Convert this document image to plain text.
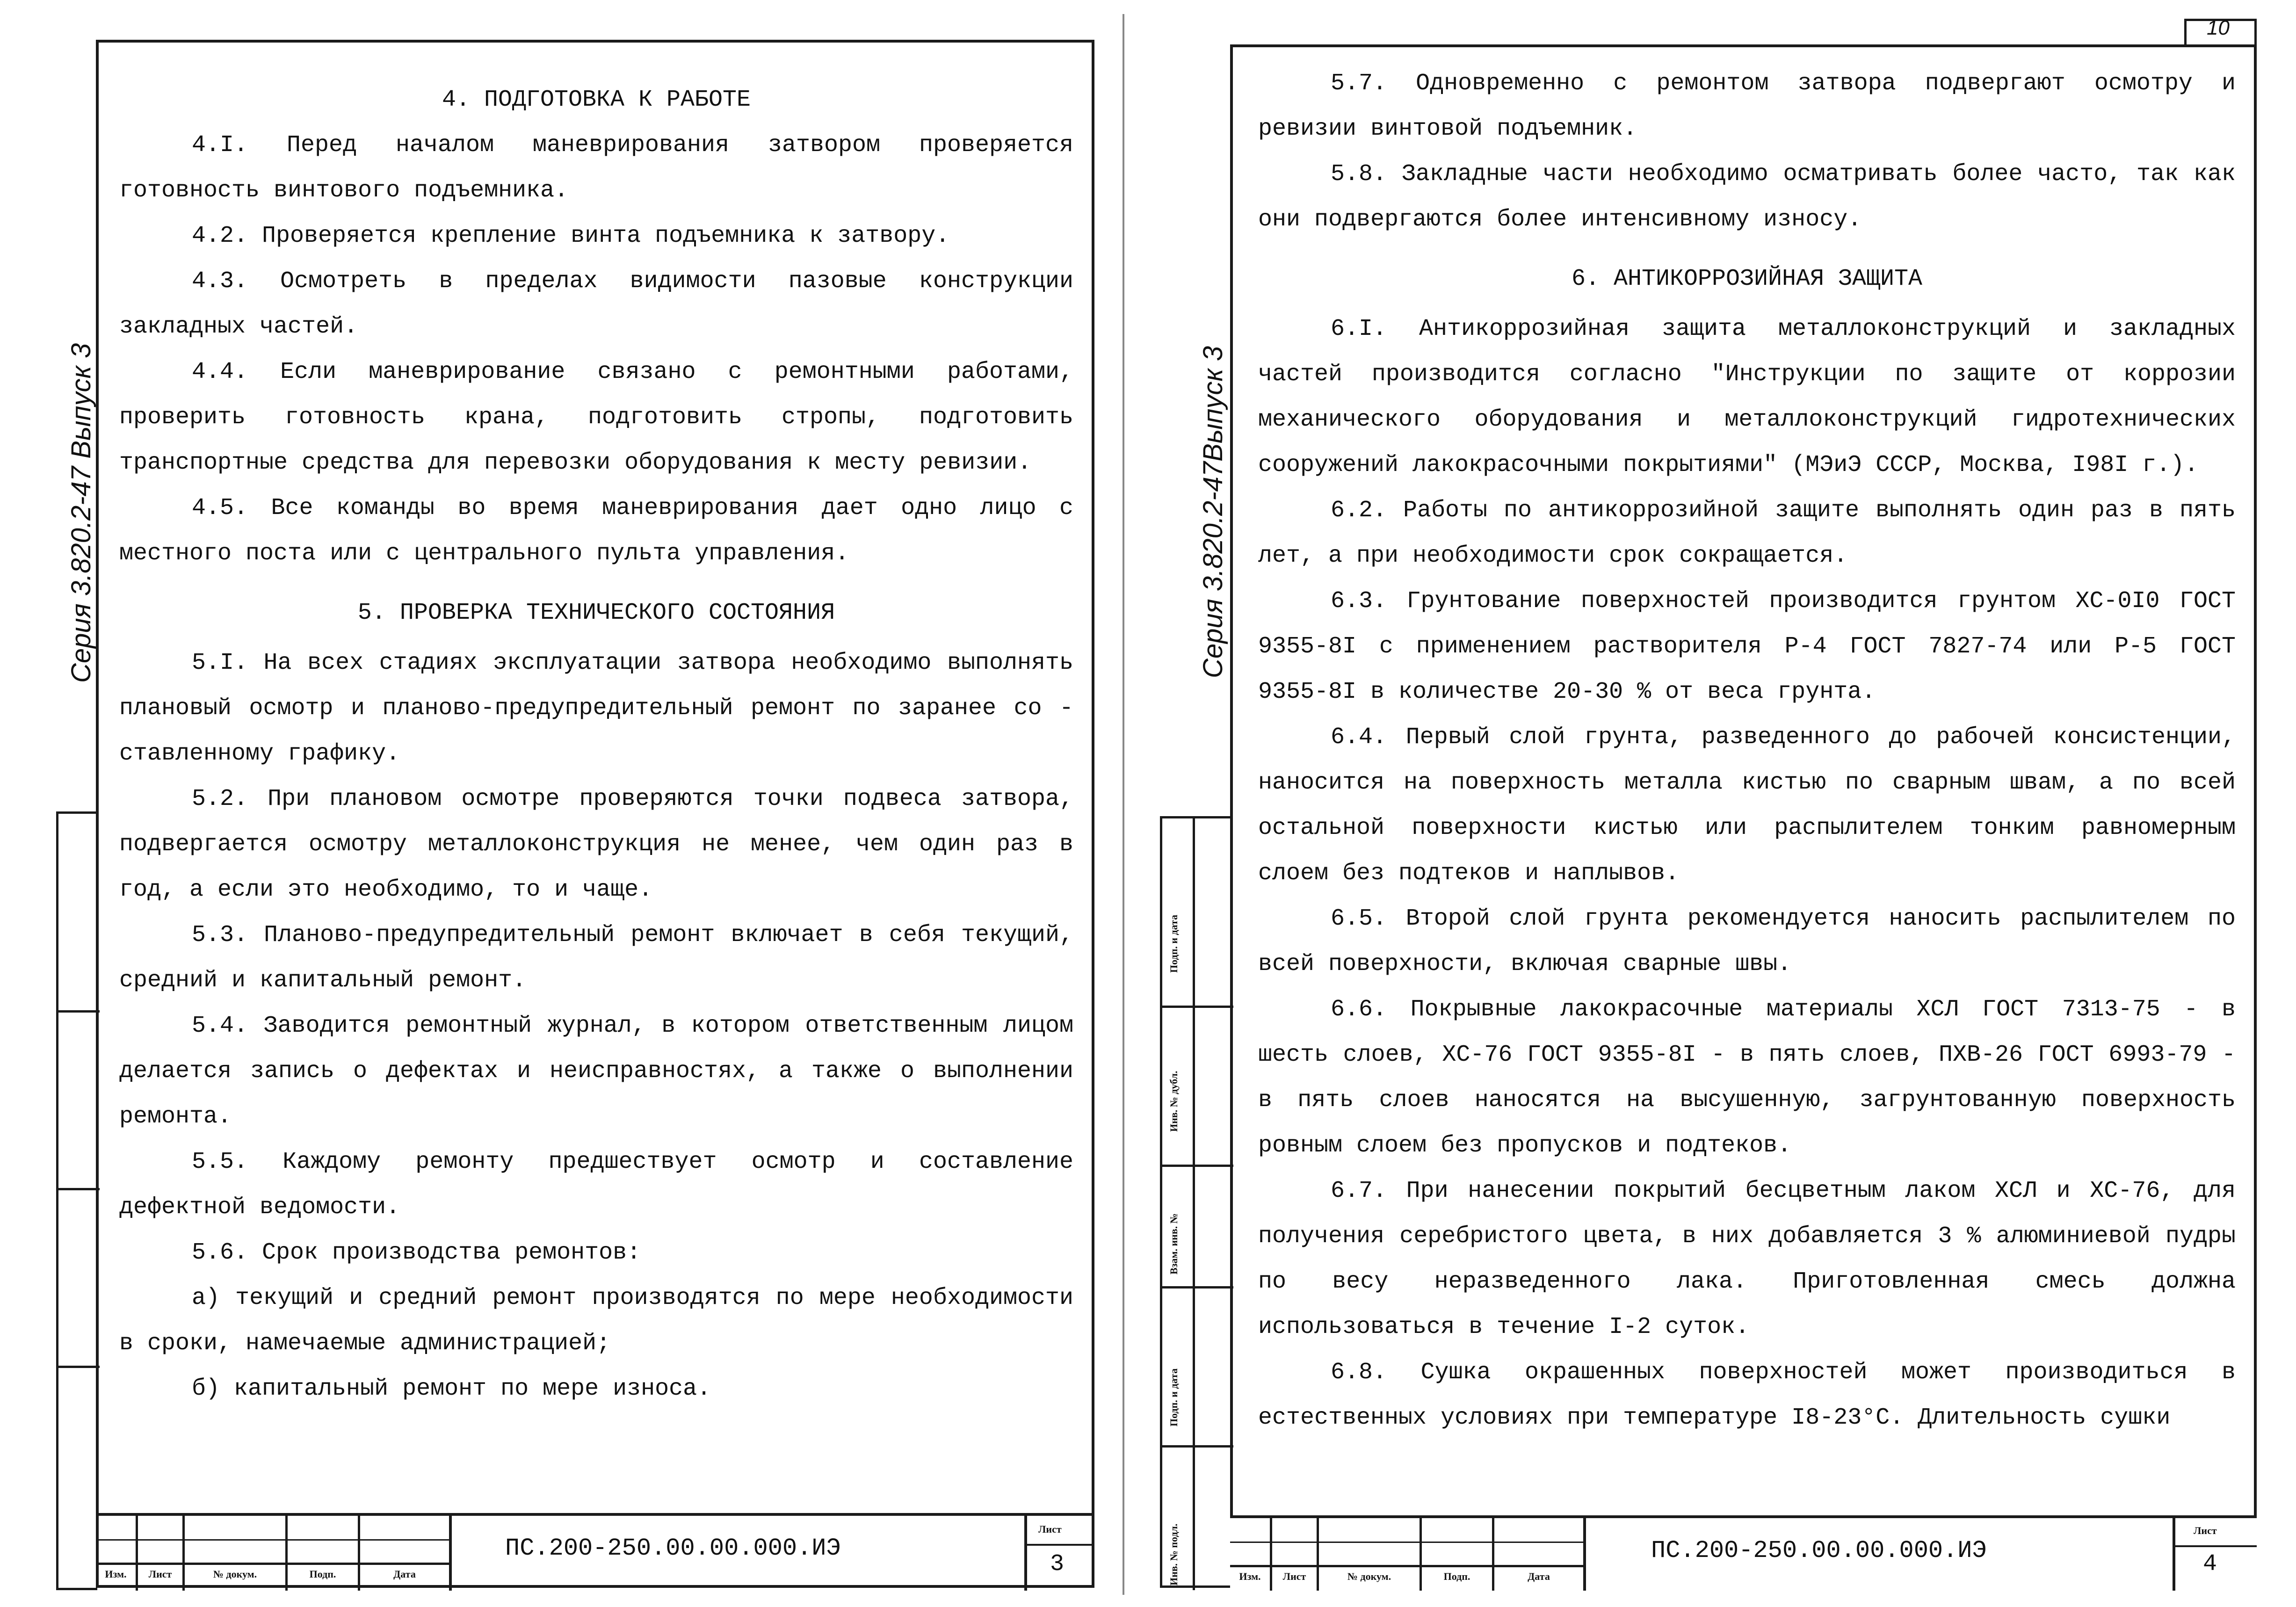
Серия 3.820.2-47 Выпуск 3

4. ПОДГОТОВКА К РАБОТЕ

4.I. Перед началом маневрирования затвором проверяется готовность винтового подъемника.

4.2. Проверяется крепление винта подъемника к затвору.

4.3. Осмотреть в пределах видимости пазовые конструкции закладных частей.

4.4. Если маневрирование связано с ремонтными работами, проверить готовность крана, подготовить стропы, подготовить транспортные средства для перевозки оборудования к месту ревизии.

4.5. Все команды во время маневрирования дает одно лицо с местного поста или с центрального пульта управления.

5. ПРОВЕРКА ТЕХНИЧЕСКОГО СОСТОЯНИЯ

5.I. На всех стадиях эксплуатации затвора необходимо выполнять плановый осмотр и планово-предупредительный ремонт по заранее со - ставленному графику.

5.2. При плановом осмотре проверяются точки подвеса затвора, подвергается осмотру металлоконструкция не менее, чем один раз в год, а если это необходимо, то и чаще.

5.3. Планово-предупредительный ремонт включает в себя текущий, средний и капитальный ремонт.

5.4. Заводится ремонтный журнал, в котором ответственным лицом делается запись о дефектах и неисправностях, а также о выполнении ремонта.

5.5. Каждому ремонту предшествует осмотр и составление дефектной ведомости.

5.6. Срок производства ремонтов:

а) текущий и средний ремонт производятся по мере необходимости в сроки, намечаемые администрацией;

б) капитальный ремонт по мере износа.

Изм.	Лист	№ докум.	Подп.	Дата
ПС.200-250.00.00.000.ИЭ
Лист
3
10
Серия 3.820.2-47Выпуск 3
Подп. и дата
Инв. № дубл.
Взам. инв. №
Подп. и дата
Инв. № подл.

5.7. Одновременно с ремонтом затвора подвергают осмотру и ревизии винтовой подъемник.

5.8. Закладные части необходимо осматривать более часто, так как они подвергаются более интенсивному износу.

6. АНТИКОРРОЗИЙНАЯ ЗАЩИТА

6.I. Антикоррозийная защита металлоконструкций и закладных частей производится согласно "Инструкции по защите от коррозии механического оборудования и металлоконструкций гидротехнических сооружений лакокрасочными покрытиями" (МЭиЭ СССР, Москва, I98I г.).

6.2. Работы по антикоррозийной защите выполнять один раз в пять лет, а при необходимости срок сокращается.

6.3. Грунтование поверхностей производится грунтом ХС-0I0 ГОСТ 9355-8I с применением растворителя Р-4 ГОСТ 7827-74 или Р-5 ГОСТ 9355-8I в количестве 20-30 % от веса грунта.

6.4. Первый слой грунта, разведенного до рабочей консистенции, наносится на поверхность металла кистью по сварным швам, а по всей остальной поверхности кистью или распылителем тонким равномерным слоем без подтеков и наплывов.

6.5. Второй слой грунта рекомендуется наносить распылителем по всей поверхности, включая сварные швы.

6.6. Покрывные лакокрасочные материалы ХСЛ ГОСТ 7313-75 - в шесть слоев, ХС-76 ГОСТ 9355-8I - в пять слоев, ПХВ-26 ГОСТ 6993-79 - в пять слоев наносятся на высушенную, загрунтованную поверхность ровным слоем без пропусков и подтеков.

6.7. При нанесении покрытий бесцветным лаком ХСЛ и ХС-76, для получения серебристого цвета, в них добавляется 3 % алюминиевой пудры по весу неразведенного лака. Приготовленная смесь должна использоваться в течение I-2 суток.

6.8. Сушка окрашенных поверхностей может производиться в естественных условиях при температуре I8-23°С. Длительность сушки

Изм.	Лист	№ докум.	Подп.	Дата
ПС.200-250.00.00.000.ИЭ
Лист
4
